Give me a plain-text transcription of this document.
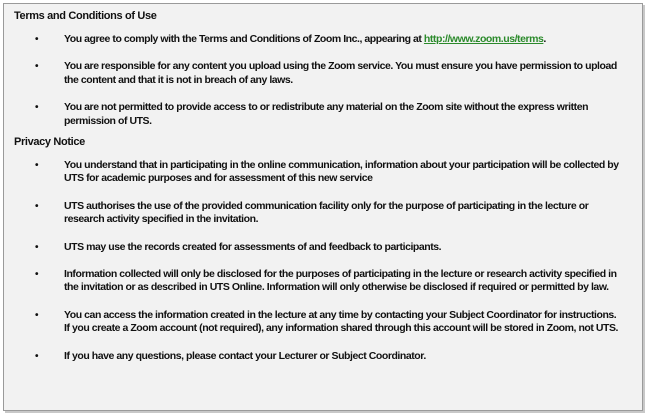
Terms and Conditions of Use
• You agree to comply with the Terms and Conditions of Zoom Inc., appearing at http://www.zoom.us/terms.
• You are responsible for any content you upload using the Zoom service. You must ensure you have permission to upload the content and that it is not in breach of any laws.
• You are not permitted to provide access to or redistribute any material on the Zoom site without the express written permission of UTS.
Privacy Notice
• You understand that in participating in the online communication, information about your participation will be collected by UTS for academic purposes and for assessment of this new service
• UTS authorises the use of the provided communication facility only for the purpose of participating in the lecture or research activity specified in the invitation.
• UTS may use the records created for assessments of and feedback to participants.
• Information collected will only be disclosed for the purposes of participating in the lecture or research activity specified in the invitation or as described in UTS Online. Information will only otherwise be disclosed if required or permitted by law.
• You can access the information created in the lecture at any time by contacting your Subject Coordinator for instructions. If you create a Zoom account (not required), any information shared through this account will be stored in Zoom, not UTS.
• If you have any questions, please contact your Lecturer or Subject Coordinator.
